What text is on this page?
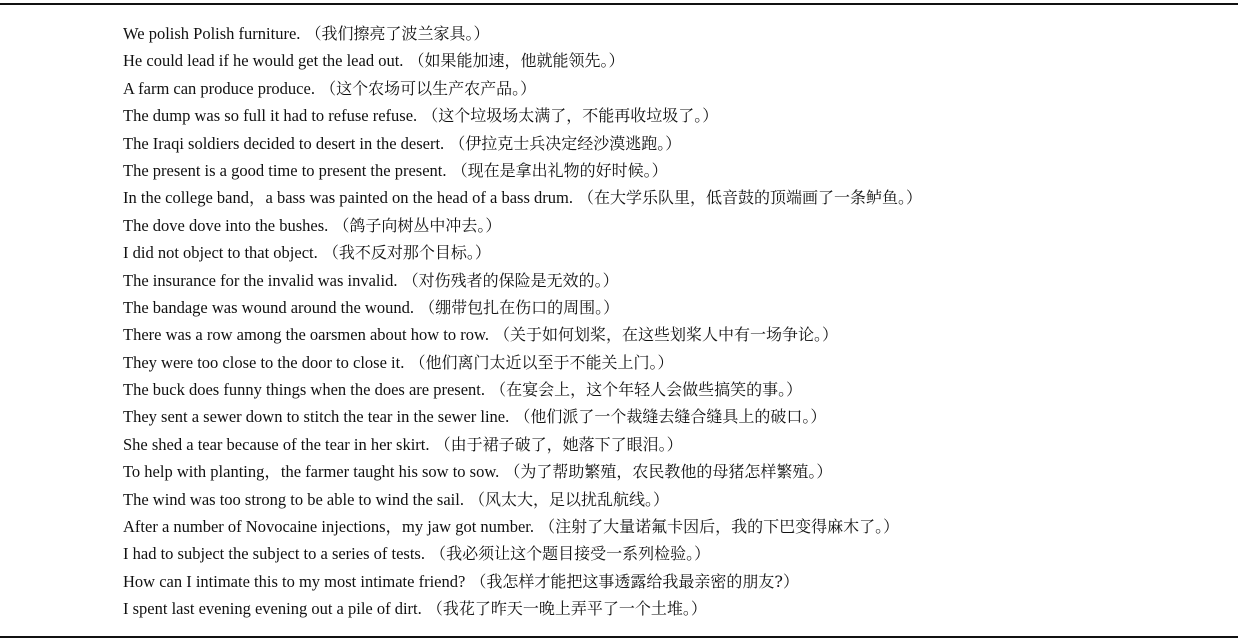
We polish Polish furniture. （我们擦亮了波兰家具。）
He could lead if he would get the lead out. （如果能加速，他就能领先。）
A farm can produce produce. （这个农场可以生产农产品。）
The dump was so full it had to refuse refuse. （这个垃圾场太满了，不能再收垃圾了。）
The Iraqi soldiers decided to desert in the desert. （伊拉克士兵决定经沙漠逃跑。）
The present is a good time to present the present. （现在是拿出礼物的好时候。）
In the college band，a bass was painted on the head of a bass drum. （在大学乐队里，低音鼓的顶端画了一条鲈鱼。）
The dove dove into the bushes. （鸽子向树丛中冲去。）
I did not object to that object. （我不反对那个目标。）
The insurance for the invalid was invalid. （对伤残者的保险是无效的。）
The bandage was wound around the wound. （绷带包扎在伤口的周围。）
There was a row among the oarsmen about how to row. （关于如何划桨，在这些划桨人中有一场争论。）
They were too close to the door to close it. （他们离门太近以至于不能关上门。）
The buck does funny things when the does are present. （在宴会上，这个年轻人会做些搞笑的事。）
They sent a sewer down to stitch the tear in the sewer line. （他们派了一个裁缝去缝合缝具上的破口。）
She shed a tear because of the tear in her skirt. （由于裙子破了，她落下了眼泪。）
To help with planting，the farmer taught his sow to sow. （为了帮助繁殖，农民教他的母猪怎样繁殖。）
The wind was too strong to be able to wind the sail. （风太大，足以扰乱航线。）
After a number of Novocaine injections，my jaw got number. （注射了大量诺氟卡因后，我的下巴变得麻木了。）
I had to subject the subject to a series of tests. （我必须让这个题目接受一系列检验。）
How can I intimate this to my most intimate friend? （我怎样才能把这事透露给我最亲密的朋友?）
I spent last evening evening out a pile of dirt. （我花了昨天一晚上弄平了一个土堆。）
